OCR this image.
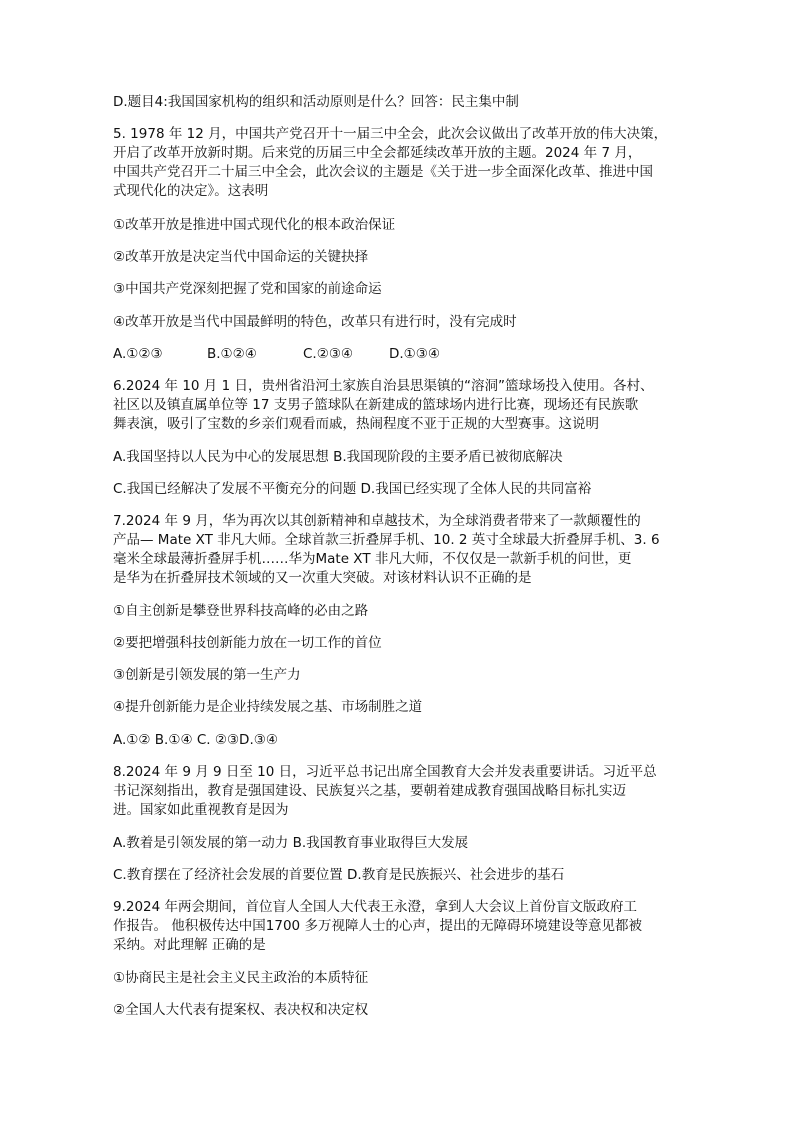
D.题目4:我国国家机构的组织和活动原则是什么？回答：民主集中制
5. 1978 年 12 月，中国共产党召开十一届三中全会，此次会议做出了改革开放的伟大决策，
开启了改革开放新时期。后来党的历届三中全会都延续改革开放的主题。2024 年 7 月，
中国共产党召开二十届三中全会，此次会议的主题是《关于进一步全面深化改革、推进中国
式现代化的决定》。这表明
①改革开放是推进中国式现代化的根本政治保证
②改革开放是决定当代中国命运的关键抉择
③中国共产党深刻把握了党和国家的前途命运
④改革开放是当代中国最鲜明的特色，改革只有进行时，没有完成时
A.①②③	B.①②④	C.②③④	D.①③④
6.2024 年 10 月 1 日，贵州省沿河土家族自治县思渠镇的“溶洞”篮球场投入使用。各村、
社区以及镇直属单位等 17 支男子篮球队在新建成的篮球场内进行比赛，现场还有民族歌
舞表演，吸引了宝数的乡亲们观看而戚，热闹程度不亚于正规的大型赛事。这说明
A.我国坚持以人民为中心的发展思想 B.我国现阶段的主要矛盾已被彻底解决
C.我国已经解决了发展不平衡充分的问题 D.我国已经实现了全体人民的共同富裕
7.2024 年 9 月，华为再次以其创新精神和卓越技术，为全球消费者带来了一款颠覆性的
产品— Mate XT 非凡大师。全球首款三折叠屏手机、10. 2 英寸全球最大折叠屏手机、3. 6
毫米全球最薄折叠屏手机……华为Mate XT 非凡大师，不仅仅是一款新手机的问世，更
是华为在折叠屏技术领域的又一次重大突破。对该材料认识不正确的是
①自主创新是攀登世界科技高峰的必由之路
②要把增强科技创新能力放在一切工作的首位
③创新是引领发展的第一生产力
④提升创新能力是企业持续发展之基、市场制胜之道
A.①② B.①④ C. ②③D.③④
8.2024 年 9 月 9 日至 10 日，习近平总书记出席全国教育大会并发表重要讲话。习近平总
书记深刻指出，教育是强国建设、民族复兴之基，要朝着建成教育强国战略目标扎实迈
进。国家如此重视教育是因为
A.教着是引领发展的第一动力 B.我国教育事业取得巨大发展
C.教育摆在了经济社会发展的首要位置 D.教育是民族振兴、社会进步的基石
9.2024 年两会期间，首位盲人全国人大代表王永澄，拿到人大会议上首份盲文版政府工
作报告。 他积极传达中国1700 多万视障人士的心声，提出的无障碍环境建设等意见都被
采纳。对此理解 正确的是
①协商民主是社会主义民主政治的本质特征
②全国人大代表有提案权、表决权和决定权
